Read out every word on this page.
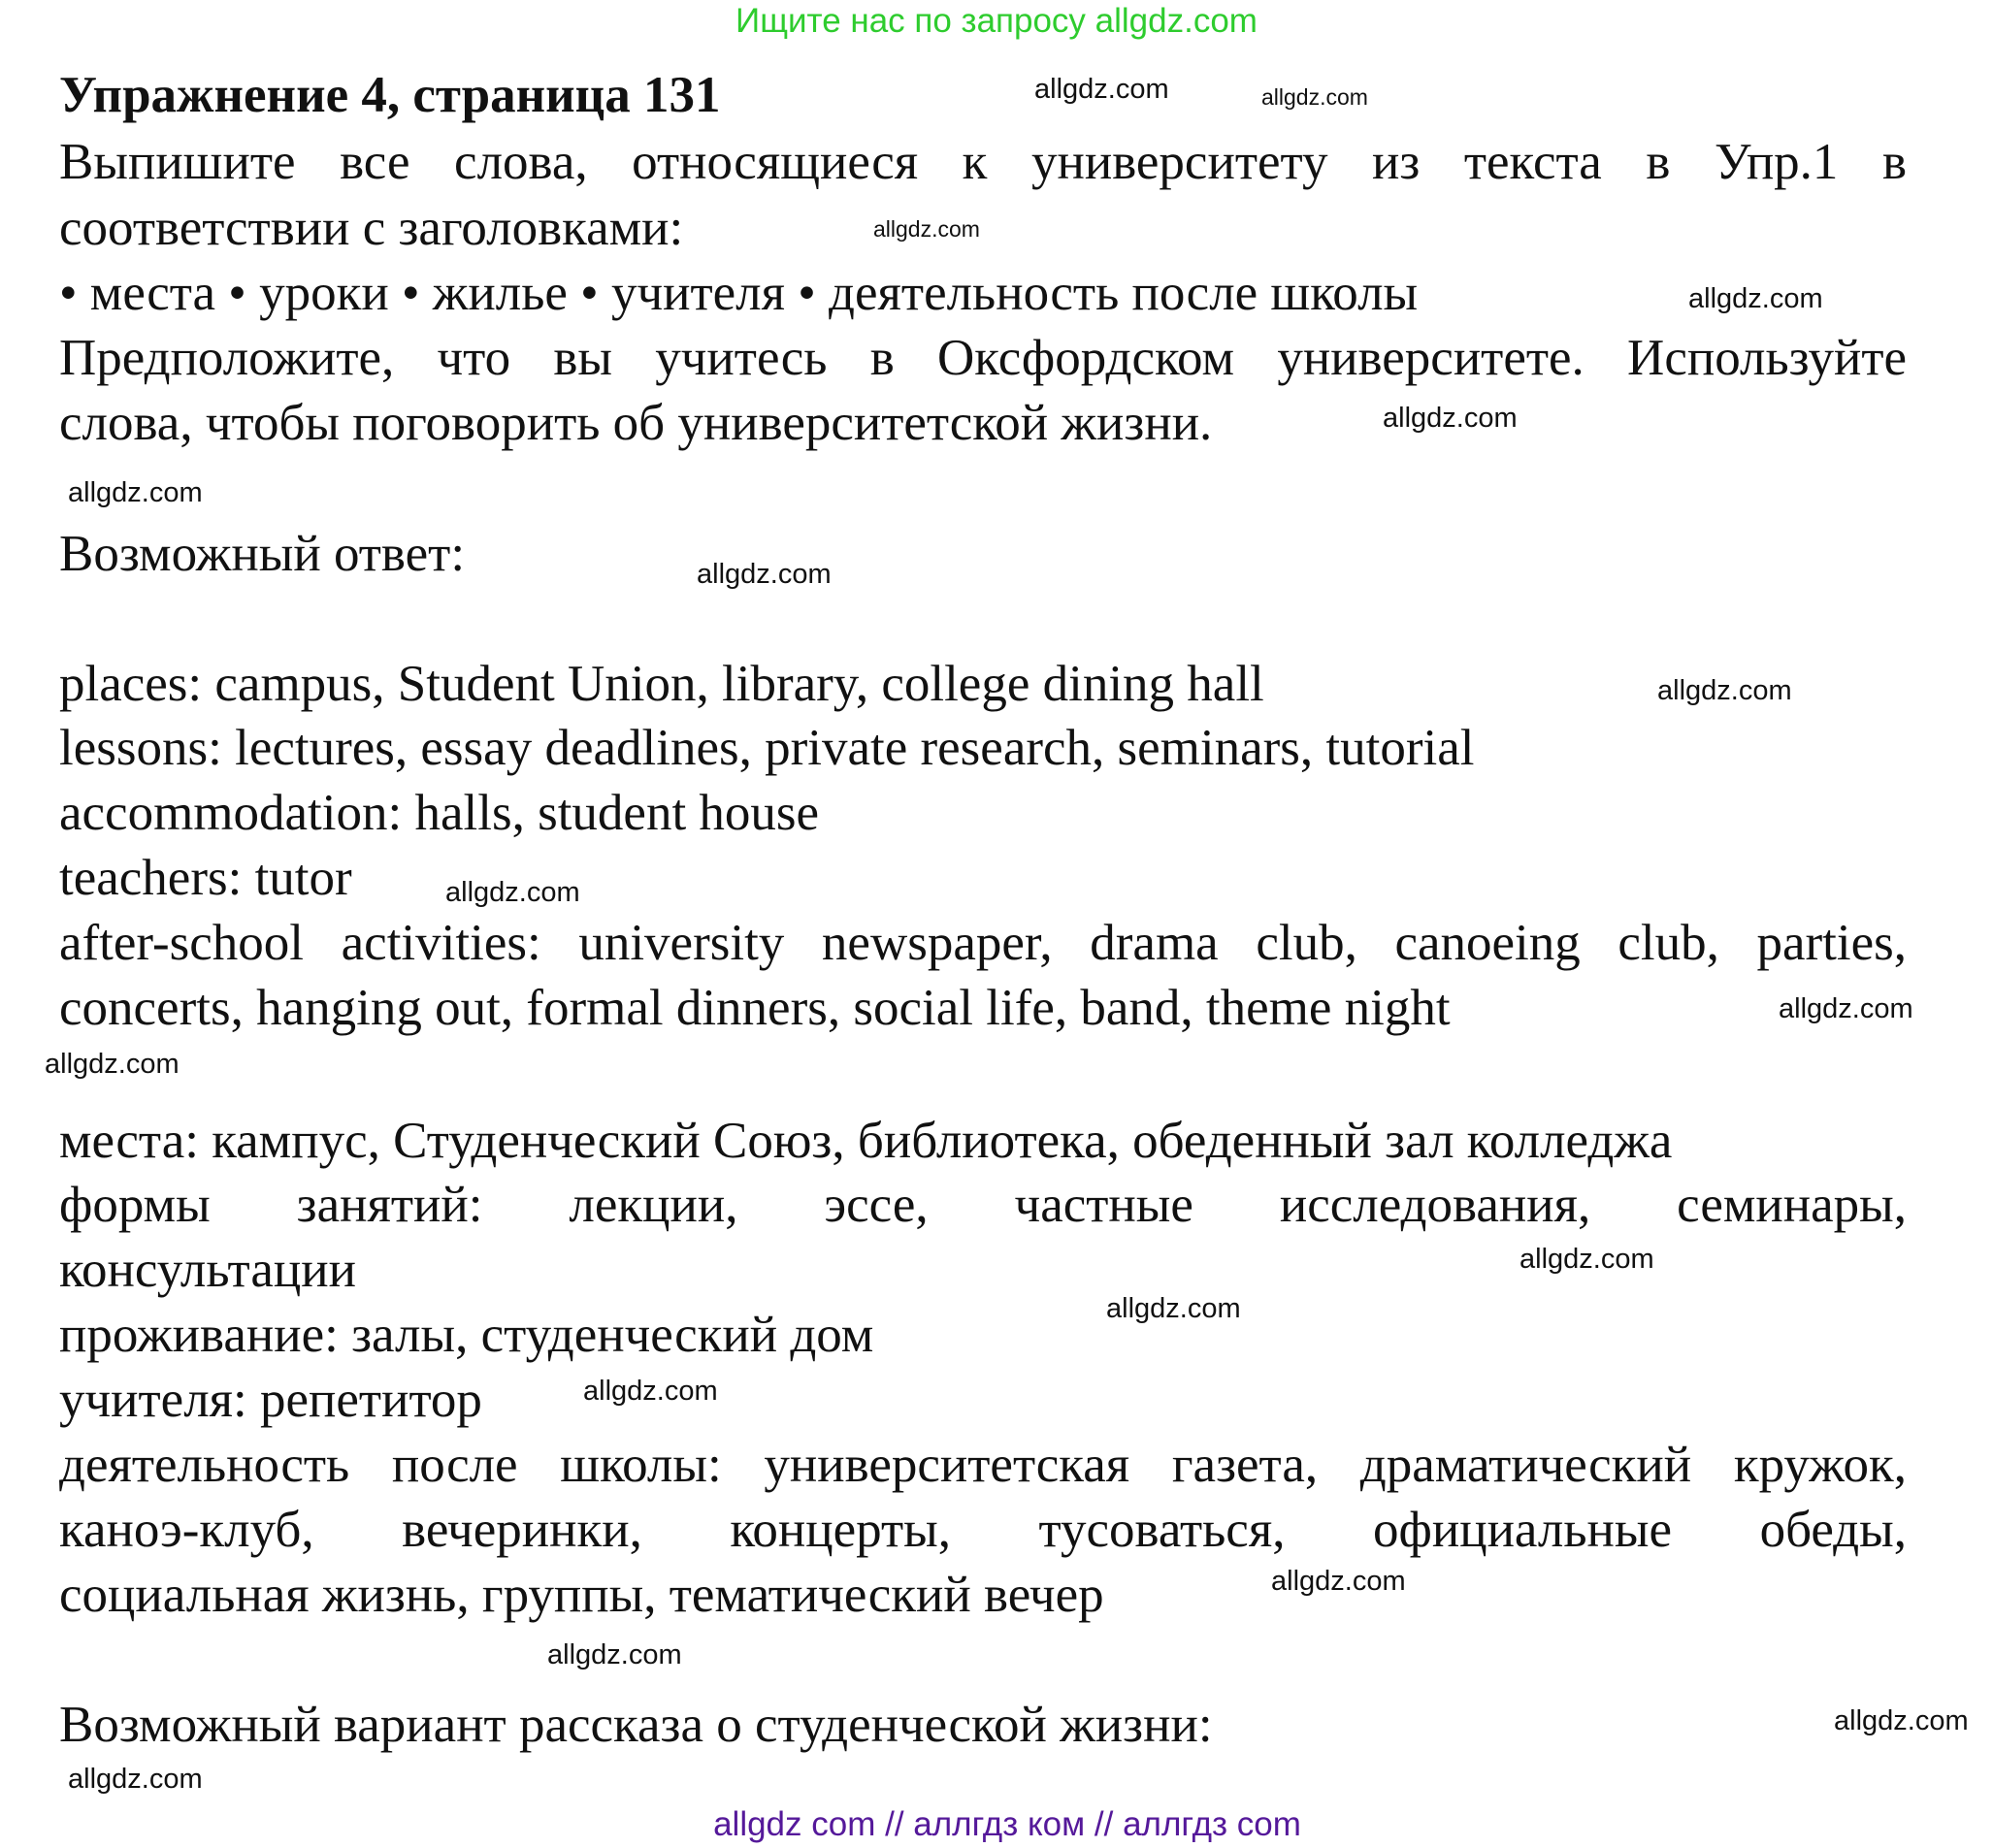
Ищите нас по запросу allgdz.com
Упражнение 4, страница 131
Выпишите все слова, относящиеся к университету из текста в Упр.1 в
соответствии с заголовками:
• места • уроки • жилье • учителя • деятельность после школы
Предположите, что вы учитесь в Оксфордском университете. Используйте
слова, чтобы поговорить об университетской жизни.
Возможный ответ:
places: campus, Student Union, library, college dining hall
lessons: lectures, essay deadlines, private research, seminars, tutorial
accommodation: halls, student house
teachers: tutor
after-school activities: university newspaper, drama club, canoeing club, parties,
concerts, hanging out, formal dinners, social life, band, theme night
места: кампус, Студенческий Союз, библиотека, обеденный зал колледжа
формы занятий: лекции, эссе, частные исследования, семинары,
консультации
проживание: залы, студенческий дом
учителя: репетитор
деятельность после школы: университетская газета, драматический кружок,
каноэ-клуб, вечеринки, концерты, тусоваться, официальные обеды,
социальная жизнь, группы, тематический вечер
Возможный вариант рассказа о студенческой жизни:
allgdz.com	allgdz.com
allgdz.com
allgdz.com
allgdz.com
allgdz.com
allgdz.com
allgdz.com
allgdz.com
allgdz.com
allgdz.com
allgdz.com
allgdz.com
allgdz.com
allgdz.com
allgdz.com
allgdz.com
allgdz.com
allgdz com // аллгдз ком // аллгдз com
